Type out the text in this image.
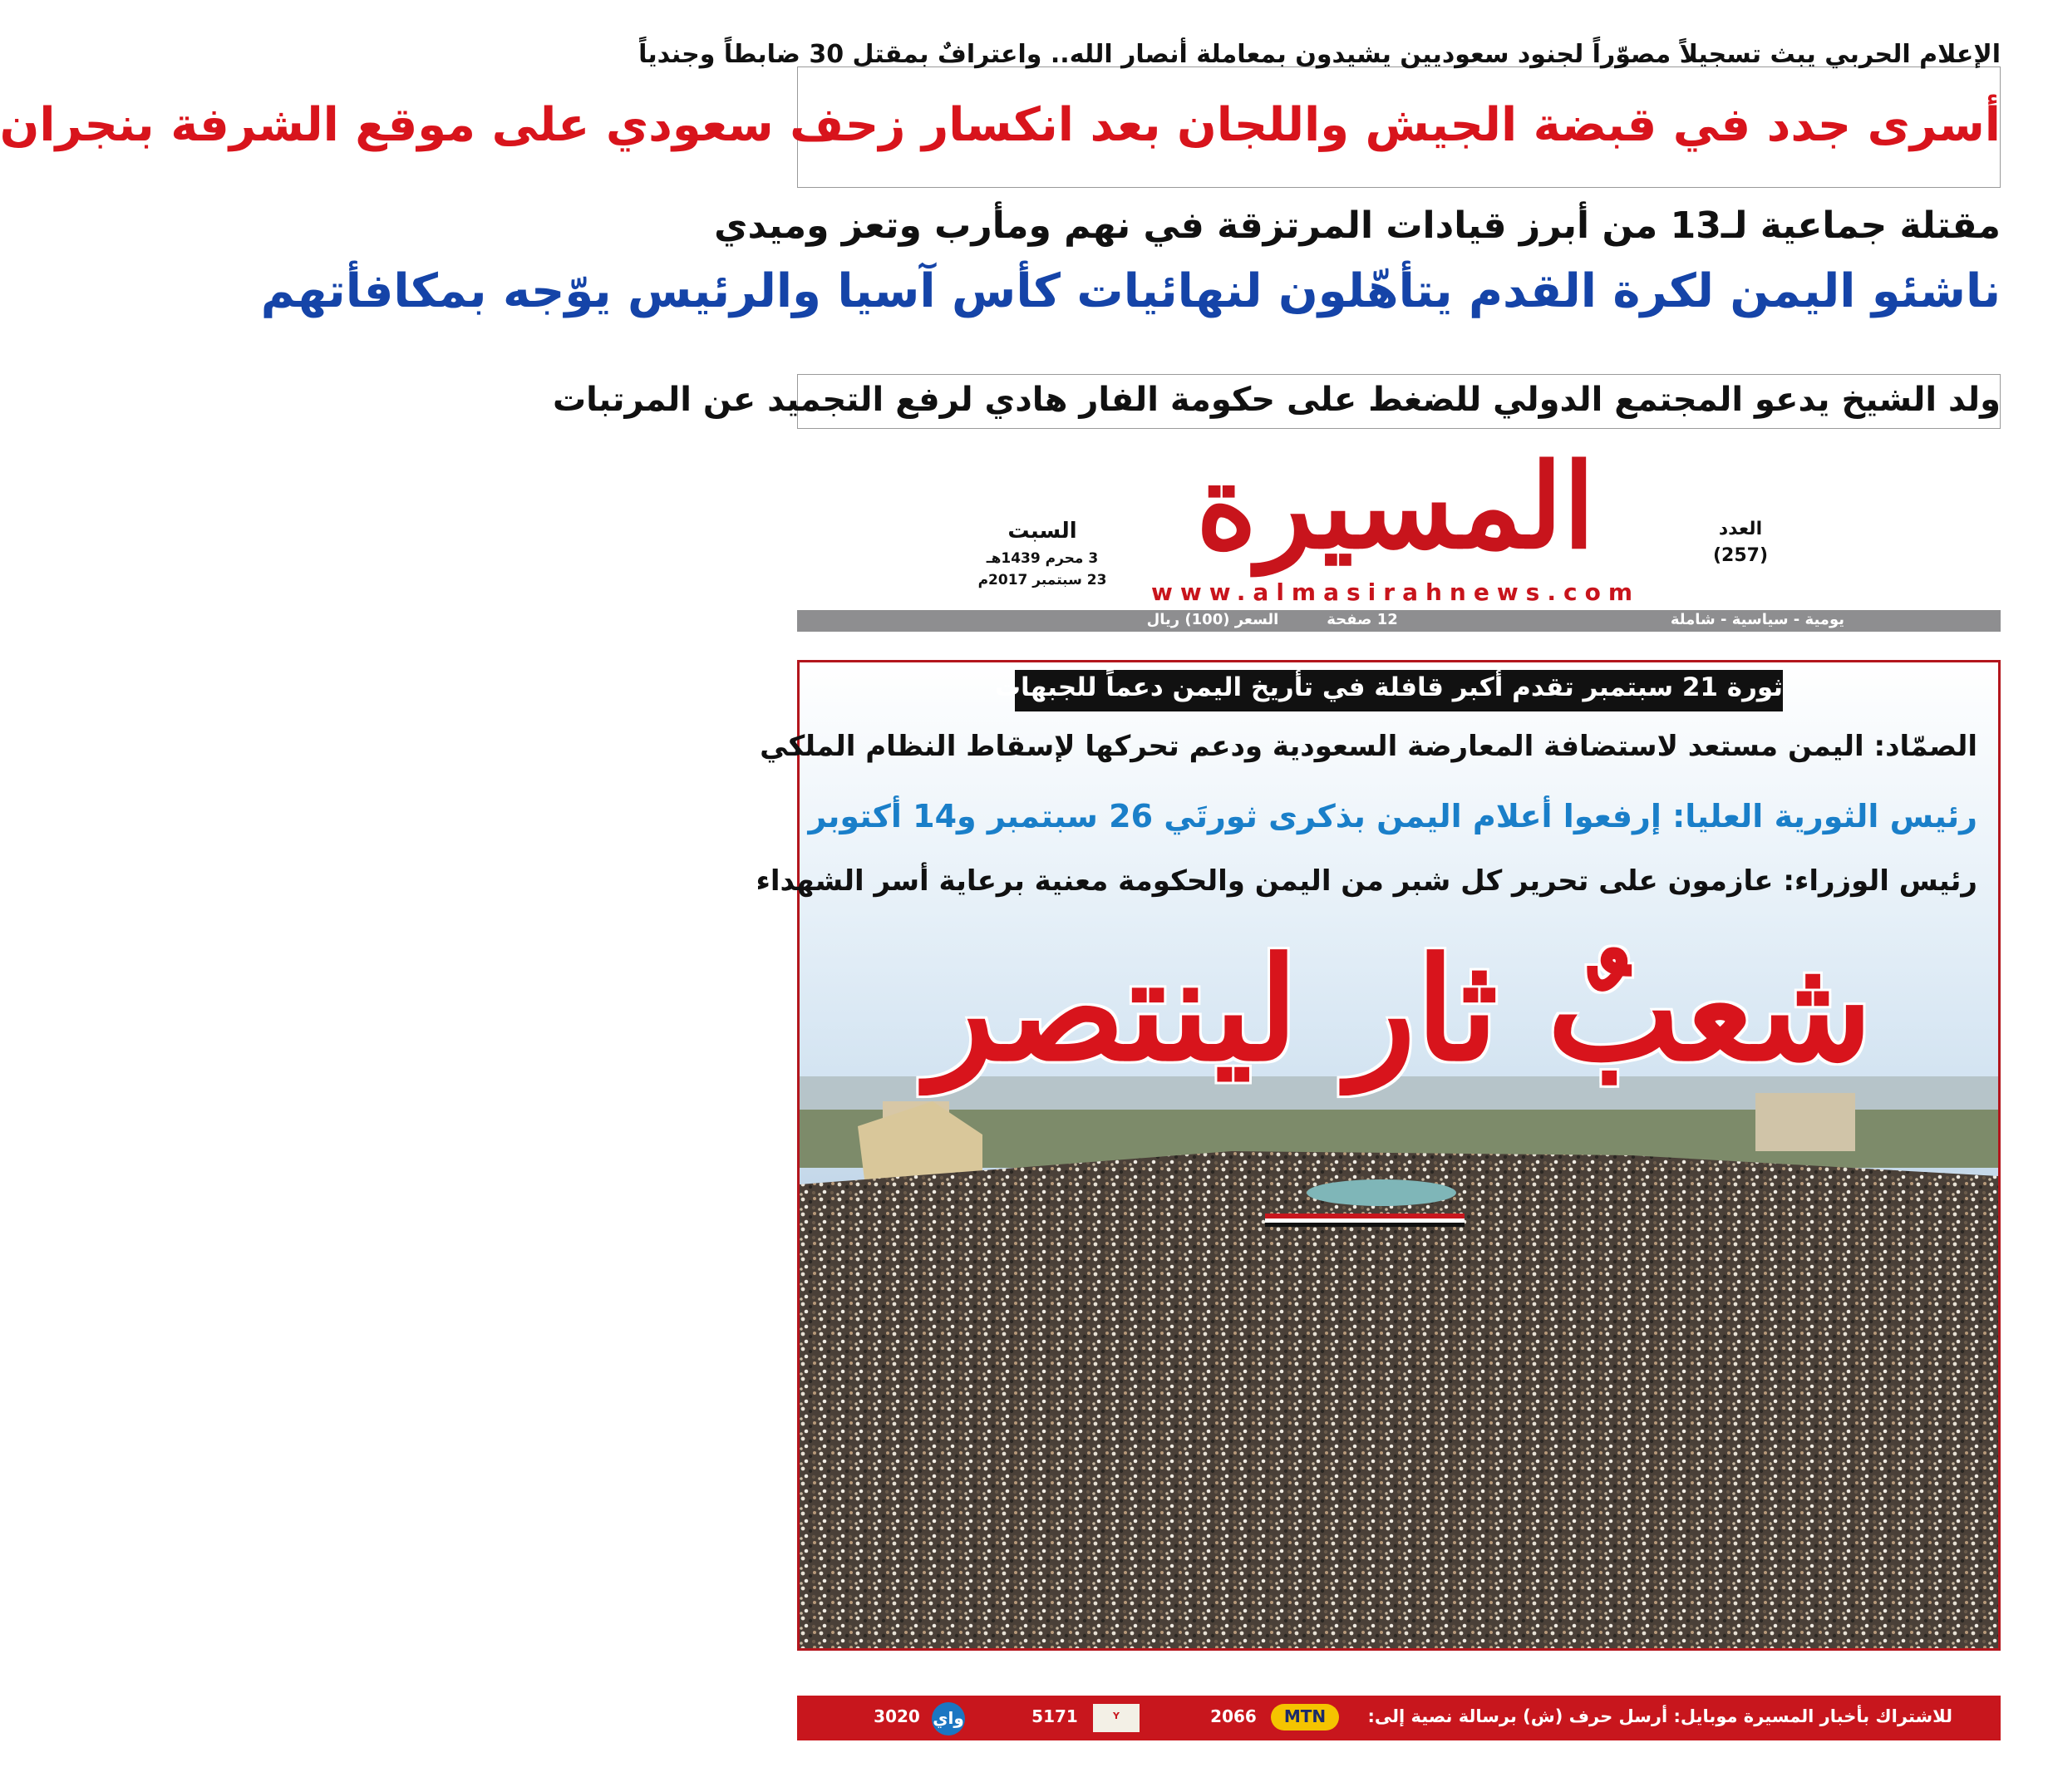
الإعلام الحربي يبث تسجيلاً مصوّراً لجنود سعوديين يشيدون بمعاملة أنصار الله.. واعترافٌ بمقتل 30 ضابطاً وجندياً
أسرى جدد في قبضة الجيش واللجان بعد انكسار زحف سعودي على موقع الشرفة بنجران
مقتلة جماعية لـ13 من أبرز قيادات المرتزقة في نهم ومأرب وتعز وميدي
ناشئو اليمن لكرة القدم يتأهّلون لنهائيات كأس آسيا والرئيس يوّجه بمكافأتهم
ولد الشيخ يدعو المجتمع الدولي للضغط على حكومة الفار هادي لرفع التجميد عن المرتبات
المسيرة
www.almasirahnews.com
العدد
(257)
السبت
3 محرم 1439هـ
23 سبتمبر 2017م
يومية - سياسية - شاملة
12 صفحة
السعر (100) ريال
ثورة 21 سبتمبر تقدم أكبر قافلة في تأريخ اليمن دعماً للجبهات
الصمّاد: اليمن مستعد لاستضافة المعارضة السعودية ودعم تحركها لإسقاط النظام الملكي
رئيس الثورية العليا: إرفعوا أعلام اليمن بذكرى ثورتَي 26 سبتمبر و14 أكتوبر
رئيس الوزراء: عازمون على تحرير كل شبر من اليمن والحكومة معنية برعاية أسر الشهداء
شعبٌ ثار لينتصر
للاشتراك بأخبار المسيرة موبايل: أرسل حرف (ش) برسالة نصية إلى:
MTN
2066
Y
5171
واي
3020
